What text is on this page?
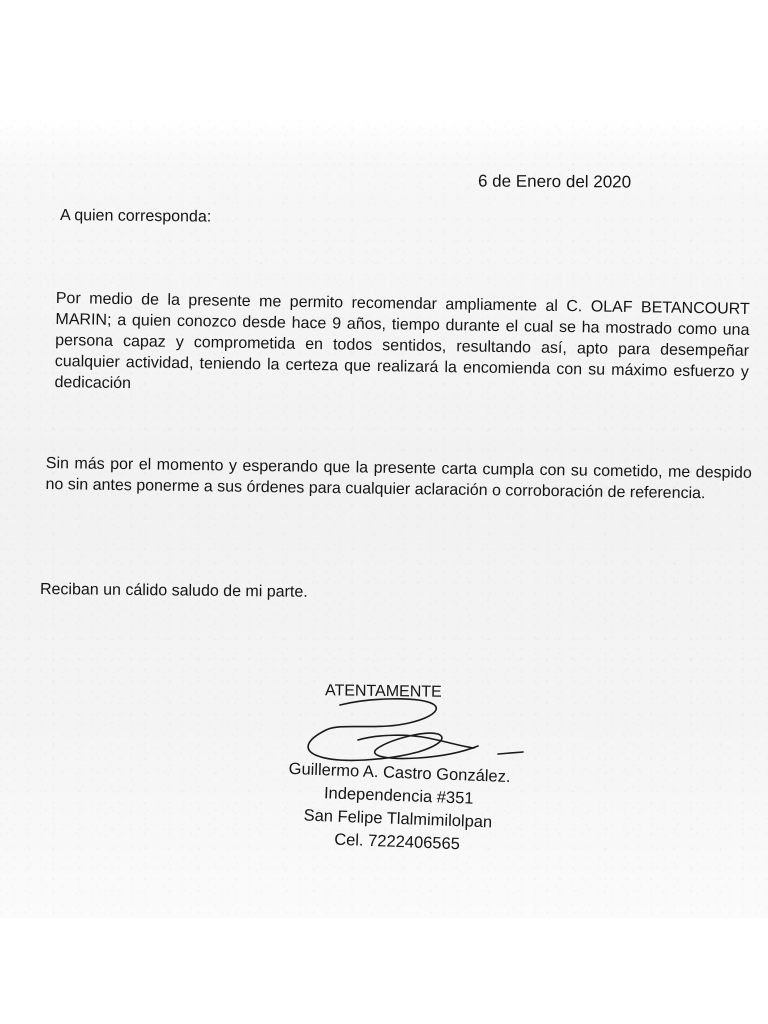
6 de Enero del 2020
A quien corresponda:
Por medio de la presente me permito recomendar ampliamente al C. OLAF BETANCOURT MARIN; a quien conozco desde hace 9 años, tiempo durante el cual se ha mostrado como una persona capaz y comprometida en todos sentidos, resultando así, apto para desempeñar cualquier actividad, teniendo la certeza que realizará la encomienda con su máximo esfuerzo y dedicación
Sin más por el momento y esperando que la presente carta cumpla con su cometido, me despido no sin antes ponerme a sus órdenes para cualquier aclaración o corroboración de referencia.
Reciban un cálido saludo de mi parte.
ATENTAMENTE
Guillermo A. Castro González.
Independencia #351
San Felipe Tlalmimilolpan
Cel. 7222406565
